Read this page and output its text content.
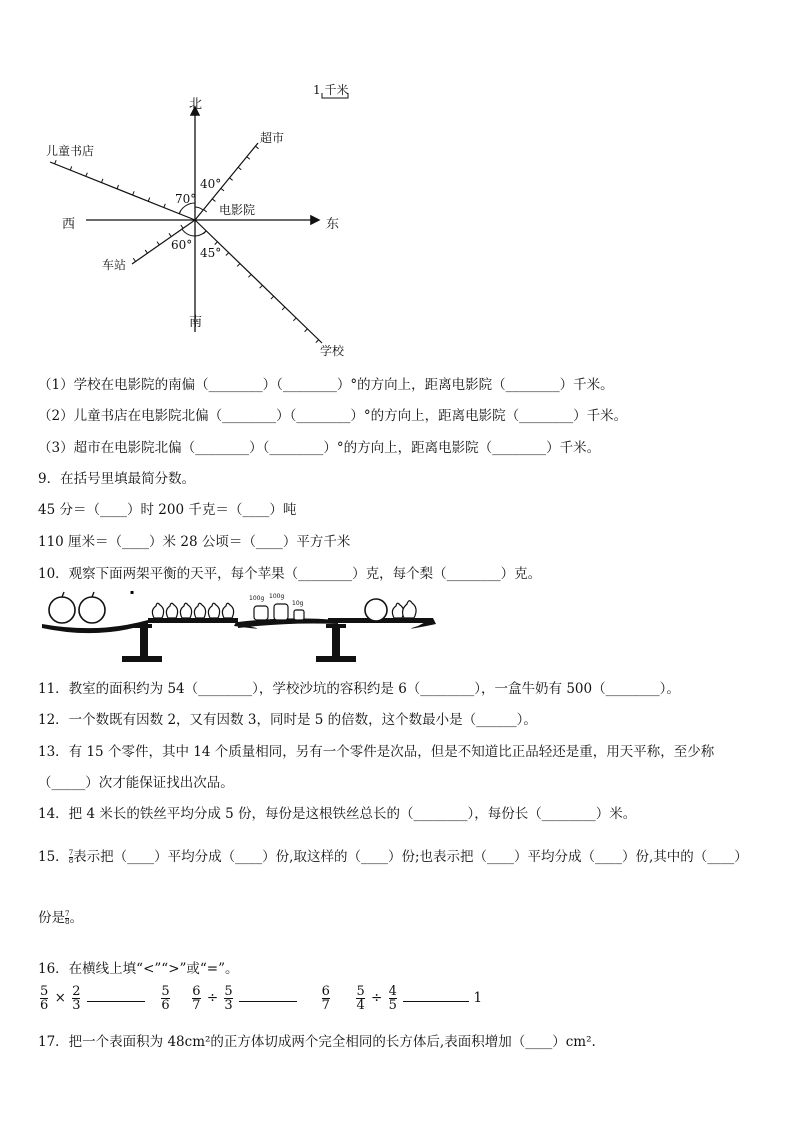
1 千米
北
南
东
西
电影院
儿童书店
超市
车站
学校
40°
70°
60°
45°
（1）学校在电影院的南偏（________）（________）°的方向上，距离电影院（________）千米。
（2）儿童书店在电影院北偏（________）（________）°的方向上，距离电影院（________）千米。
（3）超市在电影院北偏（________）（________）°的方向上，距离电影院（________）千米。
9．在括号里填最简分数。
45 分＝（____）时 200 千克＝（____）吨
110 厘米＝（____）米 28 公顷＝（____）平方千米
10．观察下面两架平衡的天平，每个苹果（________）克，每个梨（________）克。
▪
100g 100g
10g
11．教室的面积约为 54（________），学校沙坑的容积约是 6（________），一盒牛奶有 500（________）。
12．一个数既有因数 2，又有因数 3，同时是 5 的倍数，这个数最小是（______）。
13．有 15 个零件，其中 14 个质量相同，另有一个零件是次品，但是不知道比正品轻还是重，用天平称，至少称
（_____）次才能保证找出次品。
14．把 4 米长的铁丝平均分成 5 份，每份是这根铁丝总长的（________），每份长（________）米。
15． $\frac{7}{8}$ 表示把（____）平均分成（____）份,取这样的（____）份;也表示把（____）平均分成（____）份,其中的（____）
份是 $\frac{7}{8}$ 。
16．在横线上填“<”“>”或“=”。
$\frac{5}{6} \times \frac{2}{3}$
	$\frac{5}{6}$
$\frac{6}{7} \div \frac{5}{3}$
	$\frac{6}{7}$
$\frac{5}{4} \div \frac{4}{5}$	1
17．把一个表面积为 48cm²的正方体切成两个完全相同的长方体后,表面积增加（____）cm².
